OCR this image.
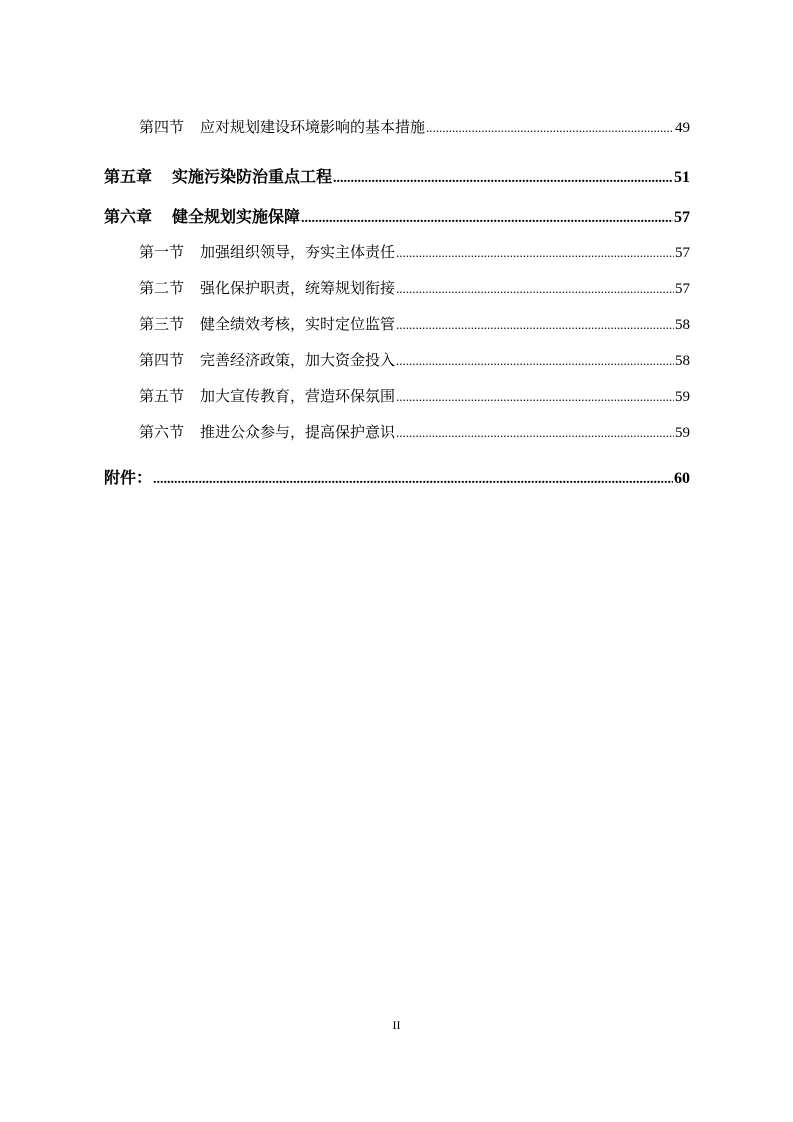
第四节 应对规划建设环境影响的基本措施 .....	49
第五章 实施污染防治重点工程 .....	51
第六章 健全规划实施保障 .....	57
第一节 加强组织领导，夯实主体责任 .....	57
第二节 强化保护职责，统筹规划衔接 .....	57
第三节 健全绩效考核，实时定位监管 .....	58
第四节 完善经济政策，加大资金投入 .....	58
第五节 加大宣传教育，营造环保氛围 .....	59
第六节 推进公众参与，提高保护意识 .....	59
附件： .....	60
II
